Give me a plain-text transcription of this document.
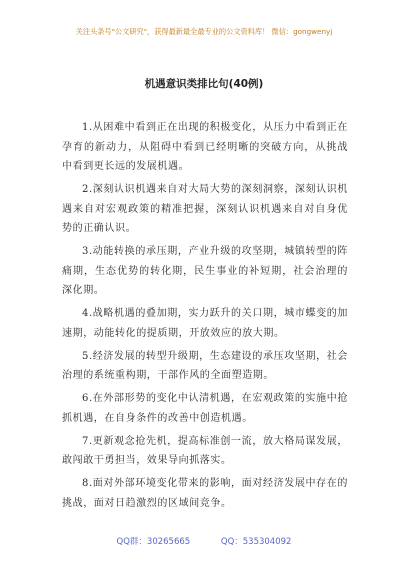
关注头条号"公文研究"，获得最新最全最专业的公文资料库！ 微信：gongwenyj
机遇意识类排比句(40例)

1.从困难中看到正在出现的积极变化，从压力中看到正在孕育的新动力，从阻碍中看到已经明晰的突破方向，从挑战中看到更长远的发展机遇。

2.深刻认识机遇来自对大局大势的深刻洞察，深刻认识机遇来自对宏观政策的精准把握，深刻认识机遇来自对自身优势的正确认识。

3.动能转换的承压期，产业升级的攻坚期，城镇转型的阵痛期，生态优势的转化期，民生事业的补短期，社会治理的深化期。

4.战略机遇的叠加期，实力跃升的关口期，城市蝶变的加速期，动能转化的提质期，开放效应的放大期。

5.经济发展的转型升级期，生态建设的承压攻坚期，社会治理的系统重构期，干部作风的全面塑造期。

6.在外部形势的变化中认清机遇，在宏观政策的实施中抢抓机遇，在自身条件的改善中创造机遇。

7.更新观念抢先机，提高标准创一流，放大格局谋发展，敢闯敢干勇担当，效果导向抓落实。

8.面对外部环境变化带来的影响，面对经济发展中存在的挑战，面对日趋激烈的区域间竞争。

QQ群：30265665	QQ：535304092
